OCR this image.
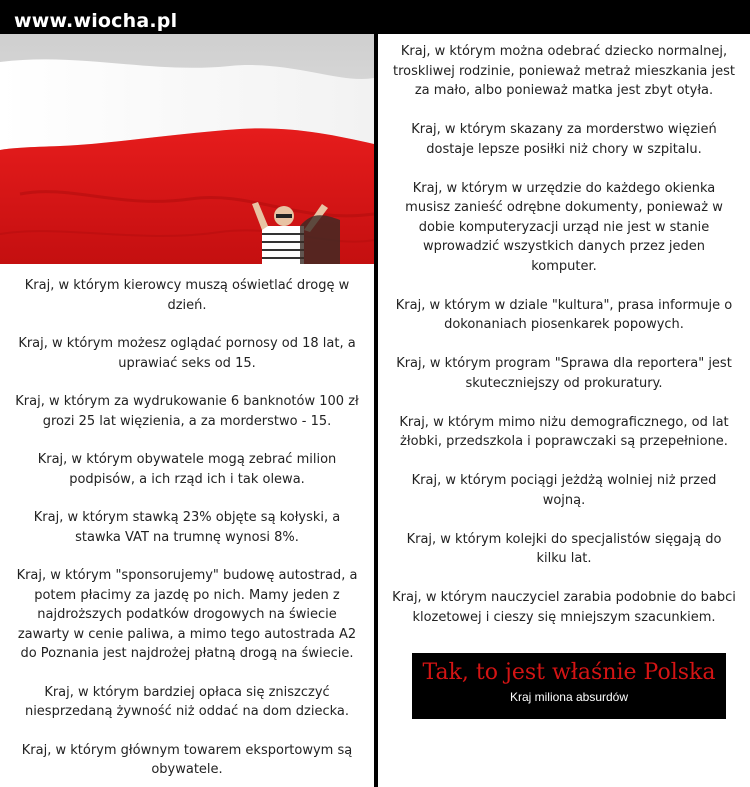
www.wiocha.pl

Kraj, w którym kierowcy muszą oświetlać drogę w dzień.

Kraj, w którym możesz oglądać pornosy od 18 lat, a uprawiać seks od 15.

Kraj, w którym za wydrukowanie 6 banknotów 100 zł grozi 25 lat więzienia, a za morderstwo - 15.

Kraj, w którym obywatele mogą zebrać milion podpisów, a ich rząd ich i tak olewa.

Kraj, w którym stawką 23% objęte są kołyski, a stawka VAT na trumnę wynosi 8%.

Kraj, w którym "sponsorujemy" budowę autostrad, a potem płacimy za jazdę po nich. Mamy jeden z najdroższych podatków drogowych na świecie zawarty w cenie paliwa, a mimo tego autostrada A2 do Poznania jest najdrożej płatną drogą na świecie.

Kraj, w którym bardziej opłaca się zniszczyć niesprzedaną żywność niż oddać na dom dziecka.

Kraj, w którym głównym towarem eksportowym są obywatele.

Kraj, w którym można odebrać dziecko normalnej, troskliwej rodzinie, ponieważ metraż mieszkania jest za mało, albo ponieważ matka jest zbyt otyła.

Kraj, w którym skazany za morderstwo więzień dostaje lepsze posiłki niż chory w szpitalu.

Kraj, w którym w urzędzie do każdego okienka musisz zanieść odrębne dokumenty, ponieważ w dobie komputeryzacji urząd nie jest w stanie wprowadzić wszystkich danych przez jeden komputer.

Kraj, w którym w dziale "kultura", prasa informuje o dokonaniach piosenkarek popowych.

Kraj, w którym program "Sprawa dla reportera" jest skuteczniejszy od prokuratury.

Kraj, w którym mimo niżu demograficznego, od lat żłobki, przedszkola i poprawczaki są przepełnione.

Kraj, w którym pociągi jeżdżą wolniej niż przed wojną.

Kraj, w którym kolejki do specjalistów sięgają do kilku lat.

Kraj, w którym nauczyciel zarabia podobnie do babci klozetowej i cieszy się mniejszym szacunkiem.

Tak, to jest właśnie Polska
Kraj miliona absurdów
